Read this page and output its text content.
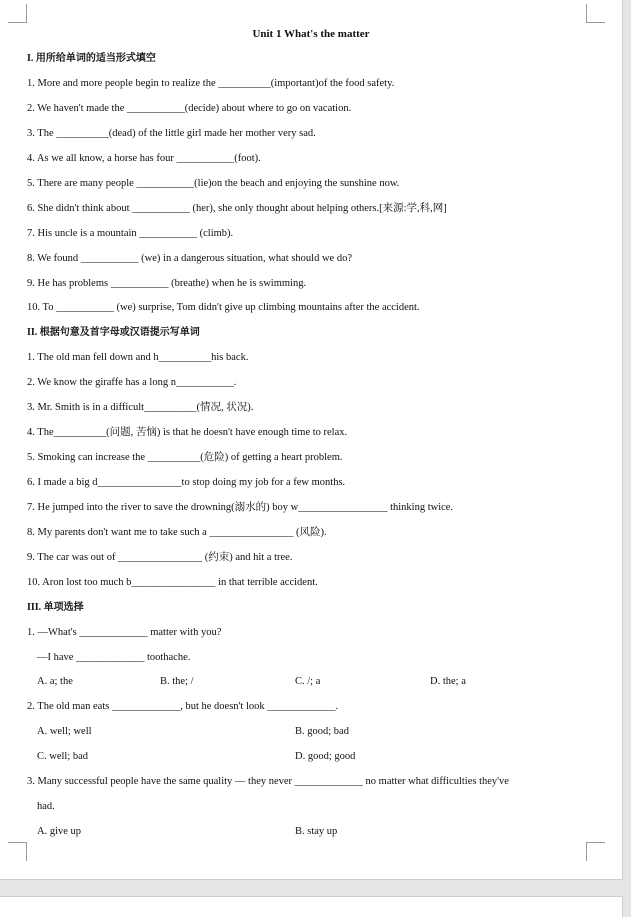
Unit 1 What's the matter
I. 用所给单词的适当形式填空
1. More and more people begin to realize the __________(important)of the food safety.
2. We haven't made the ___________(decide) about where to go on vacation.
3. The __________(dead) of the little girl made her mother very sad.
4. As we all know, a horse has four ___________(foot).
5. There are many people ___________(lie)on the beach and enjoying the sunshine now.
6. She didn't think about ___________ (her), she only thought about helping others.[来源:学,科,网]
7. His uncle is a mountain ___________ (climb).
8. We found ___________ (we) in a dangerous situation, what should we do?
9. He has problems ___________ (breathe) when he is swimming.
10. To ___________ (we) surprise, Tom didn't give up climbing mountains after the accident.
II. 根据句意及首字母或汉语提示写单词
1. The old man fell down and h__________his back.
2. We know the giraffe has a long n___________.
3. Mr. Smith is in a difficult__________(情况, 状况).
4. The__________(问题, 苦恼) is that he doesn't have enough time to relax.
5. Smoking can increase the __________(危险) of getting a heart problem.
6. I made a big d________________to stop doing my job for a few months.
7. He jumped into the river to save the drowning(溺水的) boy w_________________ thinking twice.
8. My parents don't want me to take such a ________________ (风险).
9. The car was out of ________________ (约束) and hit a tree.
10. Aron lost too much b________________ in that terrible accident.
III. 单项选择
1. —What's _____________ matter with you?
—I have _____________ toothache.
A. a; the	B. the; /	C. /; a	D. the; a
2. The old man eats _____________, but he doesn't look _____________.
A. well; well	B. good; bad
C. well; bad	D. good; good
3. Many successful people have the same quality — they never _____________ no matter what difficulties they've
had.
A. give up	B. stay up
